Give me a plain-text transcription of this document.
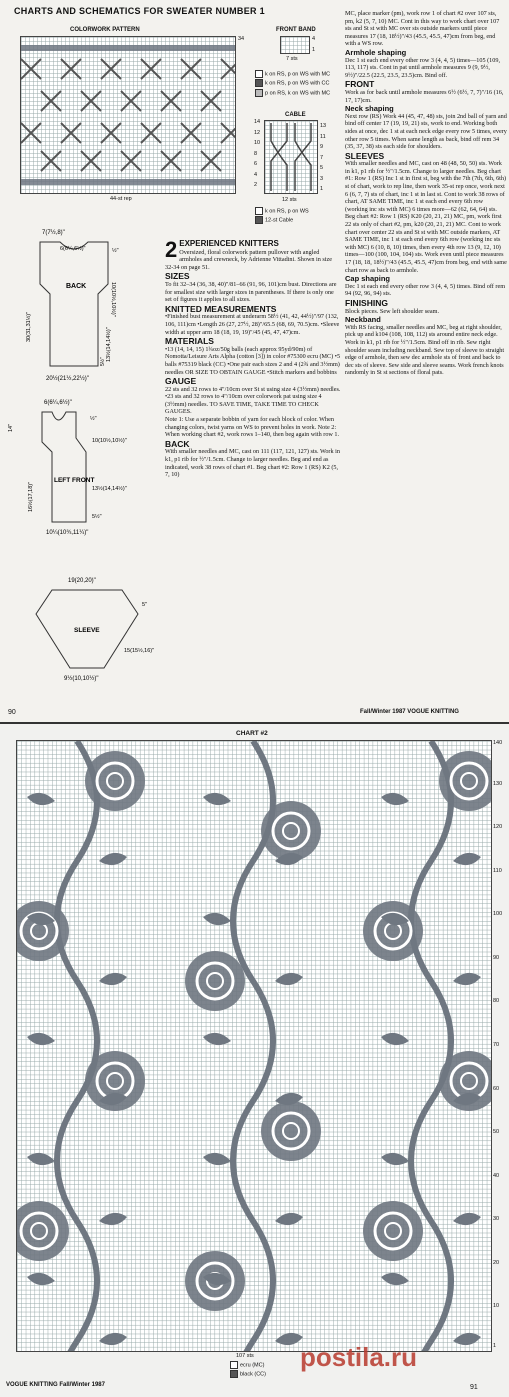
CHARTS AND SCHEMATICS FOR SWEATER NUMBER 1
COLORWORK PATTERN
34
44-st rep
FRONT BAND
4
1
7 sts
k on RS, p on WS with MC
k on RS, p on WS with CC
p on RS, k on WS with MC
CABLE
14
12
10
8
6
4
2
13
11
9
7
5
3
1
12 sts
k on RS, p on WS
12-st Cable
BACK
7(7½,8)"
6(6¼,6½)"
10(10½,10½)"
30(31,31½)"
13½(14,14½)"
5½"
½"
20½(21½,22½)"
LEFT FRONT
6(6¼,6½)"
½"
10(10½,10½)"
14"
16½(17,18)"	13½(14,14½)"
5½"
10¼(10¾,11¼)"
SLEEVE
19(20,20)"
5"
15(15½,16)"
9½(10,10½)"

2 EXPERIENCED KNITTERS

Oversized, floral colorwork pattern pullover with angled armholes and crewneck, by Adrienne Vittadini. Shown in size 32-34 on page 51.

SIZES

To fit 32–34 (36, 38, 40)"/81–66 (91, 96, 101)cm bust. Directions are for smallest size with larger sizes in parentheses. If there is only one set of figures it applies to all sizes.

KNITTED MEASUREMENTS

•Finished bust measurement at underarm 58½ (41, 42, 44½)"/97 (132, 106, 111)cm •Length 26 (27, 27½, 28)"/65.5 (68, 69, 70.5)cm. •Sleeve width at upper arm 18 (18, 19, 19)"/45 (45, 47, 47)cm.

MATERIALS

•13 (14, 14, 15) 1¾oz/50g balls (each approx 95yd/90m) of Nomotta/Leisure Arts Alpha (cotton [3]) in color #75300 ecru (MC) •5 balls #75319 black (CC) •One pair each sizes 2 and 4 (2¾ and 3½mm) needles OR SIZE TO OBTAIN GAUGE •Stitch markers and bobbins

GAUGE

22 sts and 32 rows to 4"/10cm over St st using size 4 (3½mm) needles. •23 sts and 32 rows to 4"/10cm over colorwork pat using size 4 (3½mm) needles. TO SAVE TIME, TAKE TIME TO CHECK GAUGES.

Note 1: Use a separate bobbin of yarn for each block of color. When changing colors, twist yarns on WS to prevent holes in work. Note 2: When working chart #2, work rows 1–140, then beg again with row 1.

BACK

With smaller needles and MC, cast on 111 (117, 121, 127) sts. Work in k1, p1 rib for ½"/1.5cm. Change to larger needles. Beg and end as indicated, work 38 rows of chart #1. Beg chart #2: Row 1 (RS) K2 (5, 7, 10)

MC, place marker (pm), work row 1 of chart #2 over 107 sts, pm, k2 (5, 7, 10) MC. Cont in this way to work chart over 107 sts and St st with MC over sts outside markers until piece measures 17 (18, 18½)"/43 (45.5, 45.5, 47)cm from beg, end with a WS row.

Armhole shaping

Dec 1 st each end every other row 3 (4, 4, 5) times—105 (109, 113, 117) sts. Cont in pat until armhole measures 9 (9, 9½, 9½)"/22.5 (22.5, 23.5, 23.5)cm. Bind off.

FRONT

Work as for back until armhole measures 6½ (6½, 7, 7)"/16 (16, 17, 17)cm.

Neck shaping

Next row (RS) Work 44 (45, 47, 48) sts, join 2nd ball of yarn and bind off center 17 (19, 19, 21) sts, work to end. Working both sides at once, dec 1 st at each neck edge every row 5 times, every other row 5 times. When same length as back, bind off rem 34 (35, 37, 38) sts each side for shoulders.

SLEEVES

With smaller needles and MC, cast on 48 (48, 50, 50) sts. Work in k1, p1 rib for ½"/1.5cm. Change to larger needles. Beg chart #1: Row 1 (RS) Inc 1 st in first st, beg with the 7th (7th, 6th, 6th) st of chart, work to rep line, then work 35-st rep once, work next 6 (6, 7, 7) sts of chart, inc 1 st in last st. Cont to work 38 rows of chart, AT SAME TIME, inc 1 st each end every 6th row (working inc sts with MC) 6 times more—62 (62, 64, 64) sts. Beg chart #2: Row 1 (RS) K20 (20, 21, 21) MC, pm, work first 22 sts only of chart #2, pm, k20 (20, 21, 21) MC. Cont to work chart over center 22 sts and St st with MC outside markers, AT SAME TIME, inc 1 st each end every 6th row (working inc sts with MC) 6 (10, 8, 10) times, then every 4th row 13 (9, 12, 10) times—100 (100, 104, 104) sts. Work even until piece measures 17 (18, 18, 18½)"/43 (45.5, 45.5, 47)cm from beg, end with same chart row as back to armhole.

Cap shaping

Dec 1 st each end every other row 3 (4, 4, 5) times. Bind off rem 94 (92, 96, 94) sts.

FINISHING

Block pieces. Sew left shoulder seam.

Neckband

With RS facing, smaller needles and MC, beg at right shoulder, pick up and k104 (108, 108, 112) sts around entire neck edge. Work in k1, p1 rib for ½"/1.5cm. Bind off in rib. Sew right shoulder seam including neckband. Sew top of sleeve to straight edge of armhole, then sew dec armhole sts of front and back to dec sts of sleeve. Sew side and sleeve seams. Work french knots randomly in St st sections of floral pats.

90	Fall/Winter 1987 VOGUE KNITTING
CHART #2
140
130
120
110
100
90
80
70
60
50
40
30
20
10
1
107 sts
ecru (MC)
black (CC)
VOGUE KNITTING Fall/Winter 1987	91
postila.ru
